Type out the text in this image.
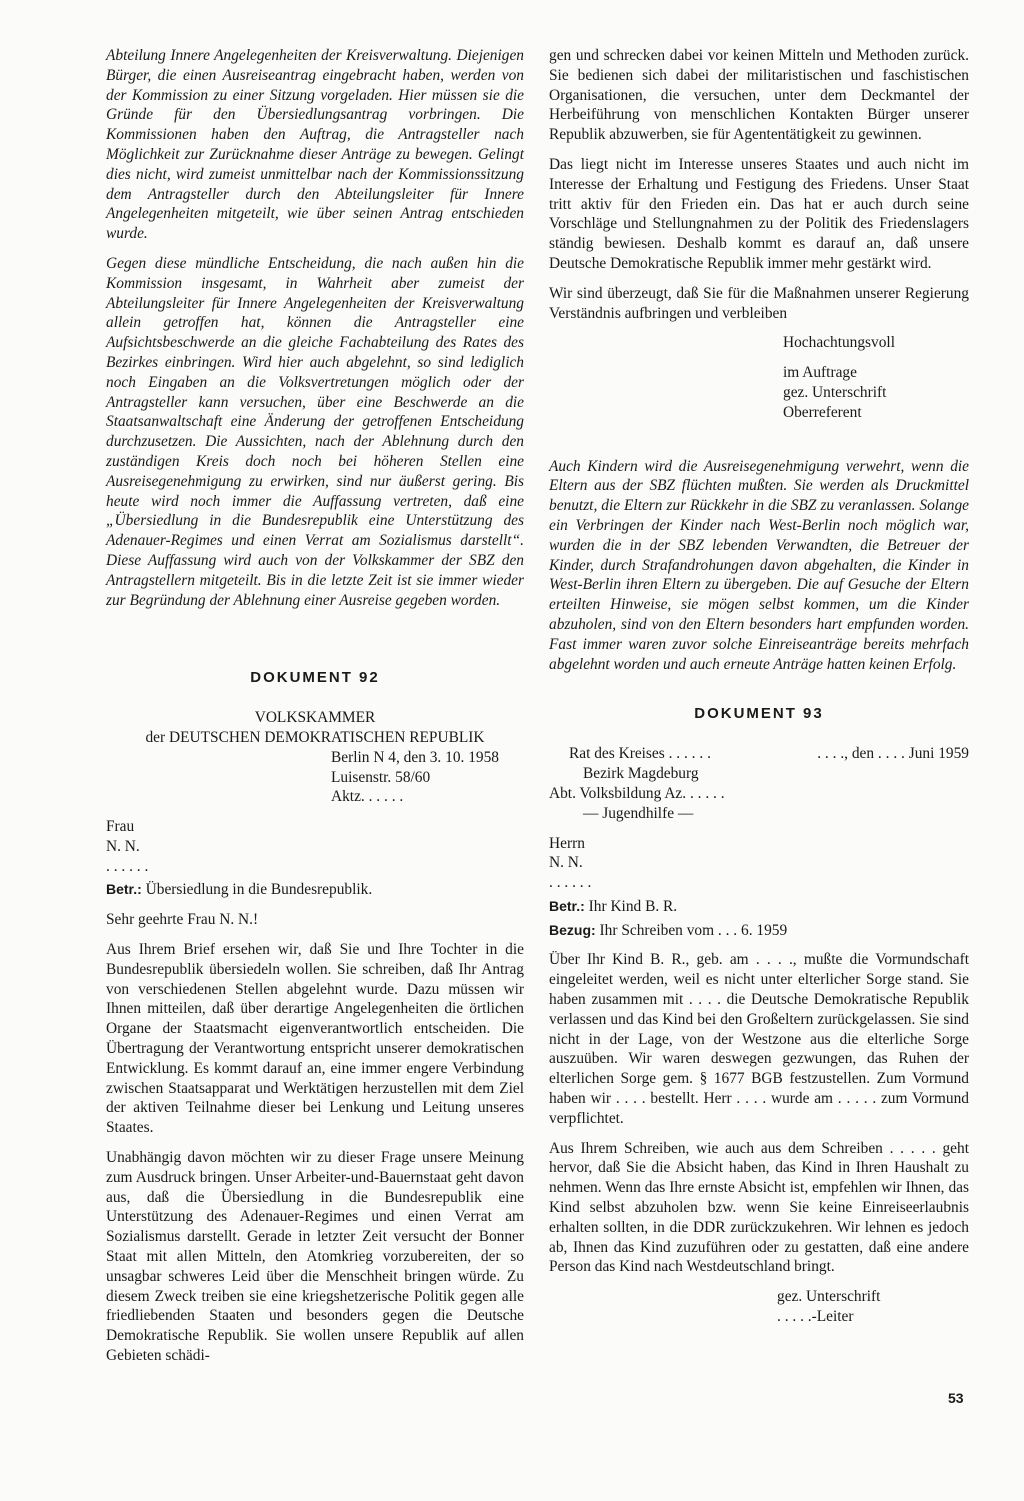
Abteilung Innere Angelegenheiten der Kreisverwaltung. Diejenigen Bürger, die einen Ausreiseantrag eingebracht haben, werden von der Kommission zu einer Sitzung vorgeladen. Hier müssen sie die Gründe für den Übersiedlungsantrag vorbringen. Die Kommissionen haben den Auftrag, die Antragsteller nach Möglichkeit zur Zurücknahme dieser Anträge zu bewegen. Gelingt dies nicht, wird zumeist unmittelbar nach der Kommissionssitzung dem Antragsteller durch den Abteilungsleiter für Innere Angelegenheiten mitgeteilt, wie über seinen Antrag entschieden wurde.

Gegen diese mündliche Entscheidung, die nach außen hin die Kommission insgesamt, in Wahrheit aber zumeist der Abteilungsleiter für Innere Angelegenheiten der Kreisverwaltung allein getroffen hat, können die Antragsteller eine Aufsichtsbeschwerde an die gleiche Fachabteilung des Rates des Bezirkes einbringen. Wird hier auch abgelehnt, so sind lediglich noch Eingaben an die Volksvertretungen möglich oder der Antragsteller kann versuchen, über eine Beschwerde an die Staatsanwaltschaft eine Änderung der getroffenen Entscheidung durchzusetzen. Die Aussichten, nach der Ablehnung durch den zuständigen Kreis doch noch bei höheren Stellen eine Ausreisegenehmigung zu erwirken, sind nur äußerst gering. Bis heute wird noch immer die Auffassung vertreten, daß eine „Übersiedlung in die Bundesrepublik eine Unterstützung des Adenauer-Regimes und einen Verrat am Sozialismus darstellt“. Diese Auffassung wird auch von der Volkskammer der SBZ den Antragstellern mitgeteilt. Bis in die letzte Zeit ist sie immer wieder zur Begründung der Ablehnung einer Ausreise gegeben worden.

DOKUMENT 92

VOLKSKAMMER

der DEUTSCHEN DEMOKRATISCHEN REPUBLIK

Berlin N 4, den 3. 10. 1958

Luisenstr. 58/60

Aktz. . . . . .

Frau

N. N.

. . . . . .

Betr.: Übersiedlung in die Bundesrepublik.

Sehr geehrte Frau N. N.!

Aus Ihrem Brief ersehen wir, daß Sie und Ihre Tochter in die Bundesrepublik übersiedeln wollen. Sie schreiben, daß Ihr Antrag von verschiedenen Stellen abgelehnt wurde. Dazu müssen wir Ihnen mitteilen, daß über derartige Angelegenheiten die örtlichen Organe der Staatsmacht eigenverantwortlich entscheiden. Die Übertragung der Verantwortung entspricht unserer demokratischen Entwicklung. Es kommt darauf an, eine immer engere Verbindung zwischen Staatsapparat und Werktätigen herzustellen mit dem Ziel der aktiven Teilnahme dieser bei Lenkung und Leitung unseres Staates.

Unabhängig davon möchten wir zu dieser Frage unsere Meinung zum Ausdruck bringen. Unser Arbeiter-und-Bauernstaat geht davon aus, daß die Übersiedlung in die Bundesrepublik eine Unterstützung des Adenauer-Regimes und einen Verrat am Sozialismus darstellt. Gerade in letzter Zeit versucht der Bonner Staat mit allen Mitteln, den Atomkrieg vorzubereiten, der so unsagbar schweres Leid über die Menschheit bringen würde. Zu diesem Zweck treiben sie eine kriegshetzerische Politik gegen alle friedliebenden Staaten und besonders gegen die Deutsche Demokratische Republik. Sie wollen unsere Republik auf allen Gebieten schädi-

gen und schrecken dabei vor keinen Mitteln und Methoden zurück. Sie bedienen sich dabei der militaristischen und faschistischen Organisationen, die versuchen, unter dem Deckmantel der Herbeiführung von menschlichen Kontakten Bürger unserer Republik abzuwerben, sie für Agententätigkeit zu gewinnen.

Das liegt nicht im Interesse unseres Staates und auch nicht im Interesse der Erhaltung und Festigung des Friedens. Unser Staat tritt aktiv für den Frieden ein. Das hat er auch durch seine Vorschläge und Stellungnahmen zu der Politik des Friedenslagers ständig bewiesen. Deshalb kommt es darauf an, daß unsere Deutsche Demokratische Republik immer mehr gestärkt wird.

Wir sind überzeugt, daß Sie für die Maßnahmen unserer Regierung Verständnis aufbringen und verbleiben

Hochachtungsvoll

im Auftrage

gez. Unterschrift

Oberreferent

Auch Kindern wird die Ausreisegenehmigung verwehrt, wenn die Eltern aus der SBZ flüchten mußten. Sie werden als Druckmittel benutzt, die Eltern zur Rückkehr in die SBZ zu veranlassen. Solange ein Verbringen der Kinder nach West-Berlin noch möglich war, wurden die in der SBZ lebenden Verwandten, die Betreuer der Kinder, durch Strafandrohungen davon abgehalten, die Kinder in West-Berlin ihren Eltern zu übergeben. Die auf Gesuche der Eltern erteilten Hinweise, sie mögen selbst kommen, um die Kinder abzuholen, sind von den Eltern besonders hart empfunden worden. Fast immer waren zuvor solche Einreiseanträge bereits mehrfach abgelehnt worden und auch erneute Anträge hatten keinen Erfolg.

DOKUMENT 93

Rat des Kreises . . . . . .	. . . ., den . . . . Juni 1959

Bezirk Magdeburg

Abt. Volksbildung Az. . . . . .

— Jugendhilfe —

Herrn

N. N.

. . . . . .

Betr.: Ihr Kind B. R.

Bezug: Ihr Schreiben vom . . . 6. 1959

Über Ihr Kind B. R., geb. am . . . ., mußte die Vormundschaft eingeleitet werden, weil es nicht unter elterlicher Sorge stand. Sie haben zusammen mit . . . . die Deutsche Demokratische Republik verlassen und das Kind bei den Großeltern zurückgelassen. Sie sind nicht in der Lage, von der Westzone aus die elterliche Sorge auszuüben. Wir waren deswegen gezwungen, das Ruhen der elterlichen Sorge gem. § 1677 BGB festzustellen. Zum Vormund haben wir . . . . bestellt. Herr . . . . wurde am . . . . . zum Vormund verpflichtet.

Aus Ihrem Schreiben, wie auch aus dem Schreiben . . . . . geht hervor, daß Sie die Absicht haben, das Kind in Ihren Haushalt zu nehmen. Wenn das Ihre ernste Absicht ist, empfehlen wir Ihnen, das Kind selbst abzuholen bzw. wenn Sie keine Einreiseerlaubnis erhalten sollten, in die DDR zurückzukehren. Wir lehnen es jedoch ab, Ihnen das Kind zuzuführen oder zu gestatten, daß eine andere Person das Kind nach Westdeutschland bringt.

gez. Unterschrift

. . . . .-Leiter

53
